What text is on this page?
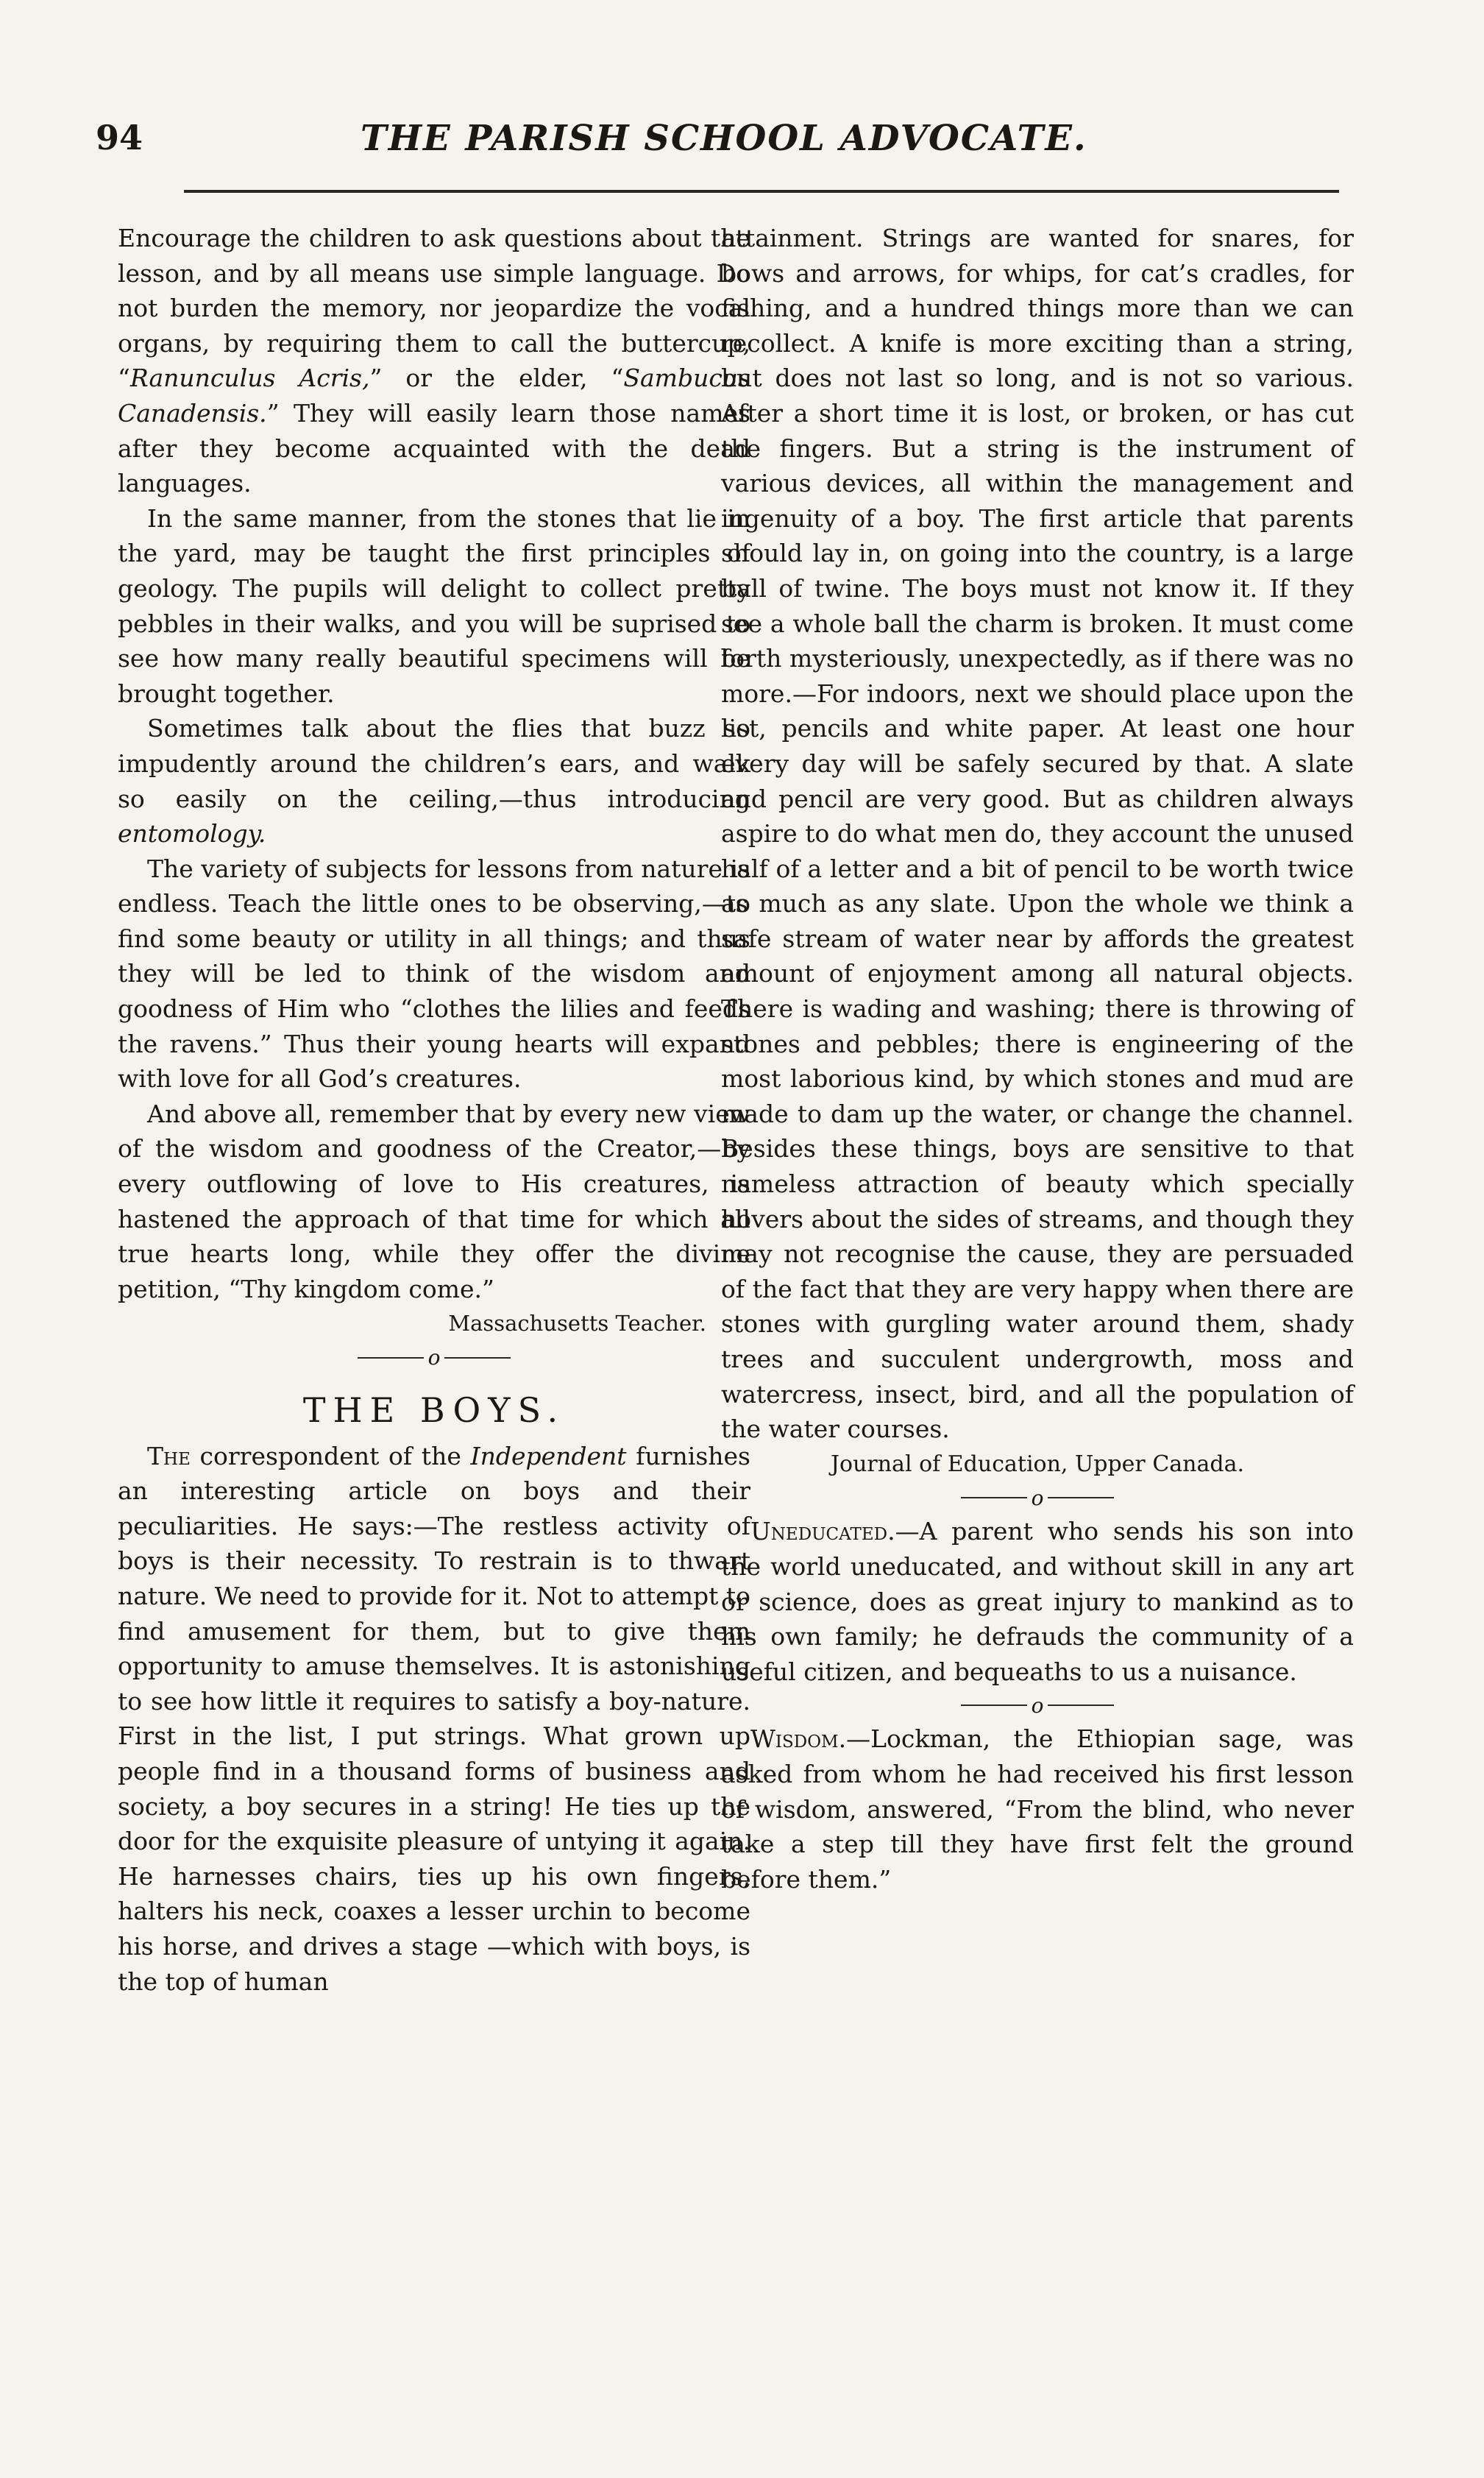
94	THE PARISH SCHOOL ADVOCATE.

Encourage the children to ask questions about the lesson, and by all means use simple language. Do not burden the memory, nor jeopardize the vocal organs, by requiring them to call the buttercup, “Ranunculus Acris,” or the elder, “Sambucus Canadensis.” They will easily learn those names after they become acquainted with the dead languages.

In the same manner, from the stones that lie in the yard, may be taught the first principles of geology. The pupils will delight to collect pretty pebbles in their walks, and you will be suprised to see how many really beautiful specimens will be brought together.

Sometimes talk about the flies that buzz so impudently around the children’s ears, and walk so easily on the ceiling,—thus introducing entomology.

The variety of subjects for lessons from nature is endless. Teach the little ones to be observing,—to find some beauty or utility in all things; and thus they will be led to think of the wisdom and goodness of Him who “clothes the lilies and feeds the ravens.” Thus their young hearts will expand with love for all God’s creatures.

And above all, remember that by every new view of the wisdom and goodness of the Creator,—by every outflowing of love to His creatures, is hastened the approach of that time for which all true hearts long, while they offer the divine petition, “Thy kingdom come.”

Massachusetts Teacher.

o
THE BOYS.

The correspondent of the Independent furnishes an interesting article on boys and their peculiarities. He says:—The restless activity of boys is their necessity. To restrain is to thwart nature. We need to provide for it. Not to attempt to find amusement for them, but to give them opportunity to amuse themselves. It is astonishing to see how little it requires to satisfy a boy-nature. First in the list, I put strings. What grown up people find in a thousand forms of business and society, a boy secures in a string! He ties up the door for the exquisite pleasure of untying it again. He harnesses chairs, ties up his own fingers, halters his neck, coaxes a lesser urchin to become his horse, and drives a stage —which with boys, is the top of human

attainment. Strings are wanted for snares, for bows and arrows, for whips, for cat’s cradles, for fishing, and a hundred things more than we can recollect. A knife is more exciting than a string, but does not last so long, and is not so various. After a short time it is lost, or broken, or has cut the fingers. But a string is the instrument of various devices, all within the management and ingenuity of a boy. The first article that parents should lay in, on going into the country, is a large ball of twine. The boys must not know it. If they see a whole ball the charm is broken. It must come forth mysteriously, unexpectedly, as if there was no more.—For indoors, next we should place upon the list, pencils and white paper. At least one hour every day will be safely secured by that. A slate and pencil are very good. But as children always aspire to do what men do, they account the unused half of a letter and a bit of pencil to be worth twice as much as any slate. Upon the whole we think a safe stream of water near by affords the greatest amount of enjoyment among all natural objects. There is wading and washing; there is throwing of stones and pebbles; there is engineering of the most laborious kind, by which stones and mud are made to dam up the water, or change the channel. Besides these things, boys are sensitive to that nameless attraction of beauty which specially hovers about the sides of streams, and though they may not recognise the cause, they are persuaded of the fact that they are very happy when there are stones with gurgling water around them, shady trees and succulent undergrowth, moss and watercress, insect, bird, and all the population of the water courses.

Journal of Education, Upper Canada.

o

Uneducated.—A parent who sends his son into the world uneducated, and without skill in any art or science, does as great injury to mankind as to his own family; he defrauds the community of a useful citizen, and bequeaths to us a nuisance.

o

Wisdom.—Lockman, the Ethiopian sage, was asked from whom he had received his first lesson of wisdom, answered, “From the blind, who never take a step till they have first felt the ground before them.”
